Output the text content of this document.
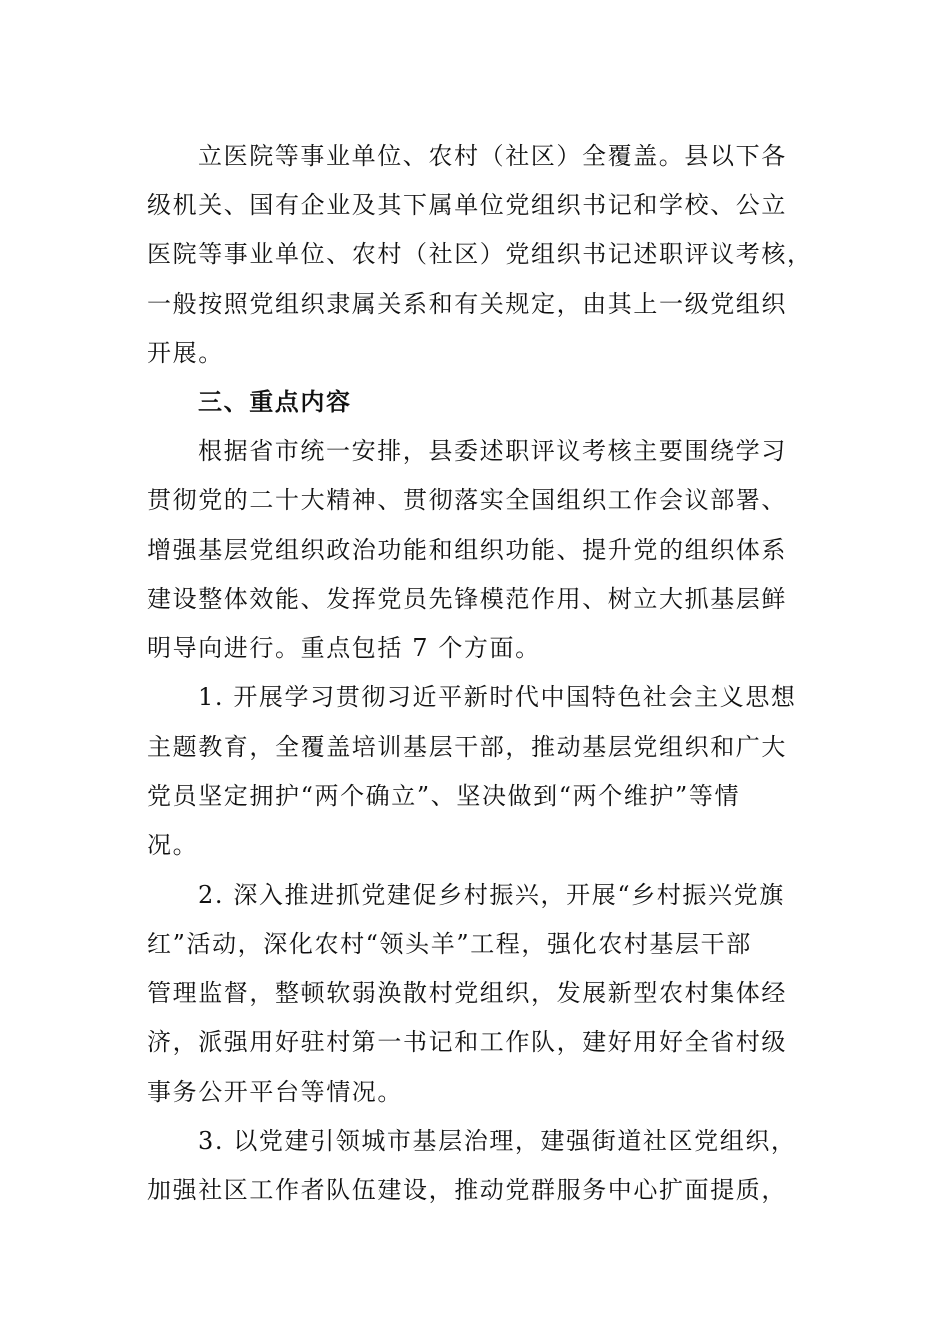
立医院等事业单位、农村（社区）全覆盖。县以下各
级机关、国有企业及其下属单位党组织书记和学校、公立
医院等事业单位、农村（社区）党组织书记述职评议考核，
一般按照党组织隶属关系和有关规定，由其上一级党组织
开展。
三、重点内容
根据省市统一安排，县委述职评议考核主要围绕学习
贯彻党的二十大精神、贯彻落实全国组织工作会议部署、
增强基层党组织政治功能和组织功能、提升党的组织体系
建设整体效能、发挥党员先锋模范作用、树立大抓基层鲜
明导向进行。重点包括 7 个方面。
1. 开展学习贯彻习近平新时代中国特色社会主义思想
主题教育，全覆盖培训基层干部，推动基层党组织和广大
党员坚定拥护“两个确立”、坚决做到“两个维护”等情
况。
2. 深入推进抓党建促乡村振兴，开展“乡村振兴党旗
红”活动，深化农村“领头羊”工程，强化农村基层干部
管理监督，整顿软弱涣散村党组织，发展新型农村集体经
济，派强用好驻村第一书记和工作队，建好用好全省村级
事务公开平台等情况。
3. 以党建引领城市基层治理，建强街道社区党组织，
加强社区工作者队伍建设，推动党群服务中心扩面提质，
